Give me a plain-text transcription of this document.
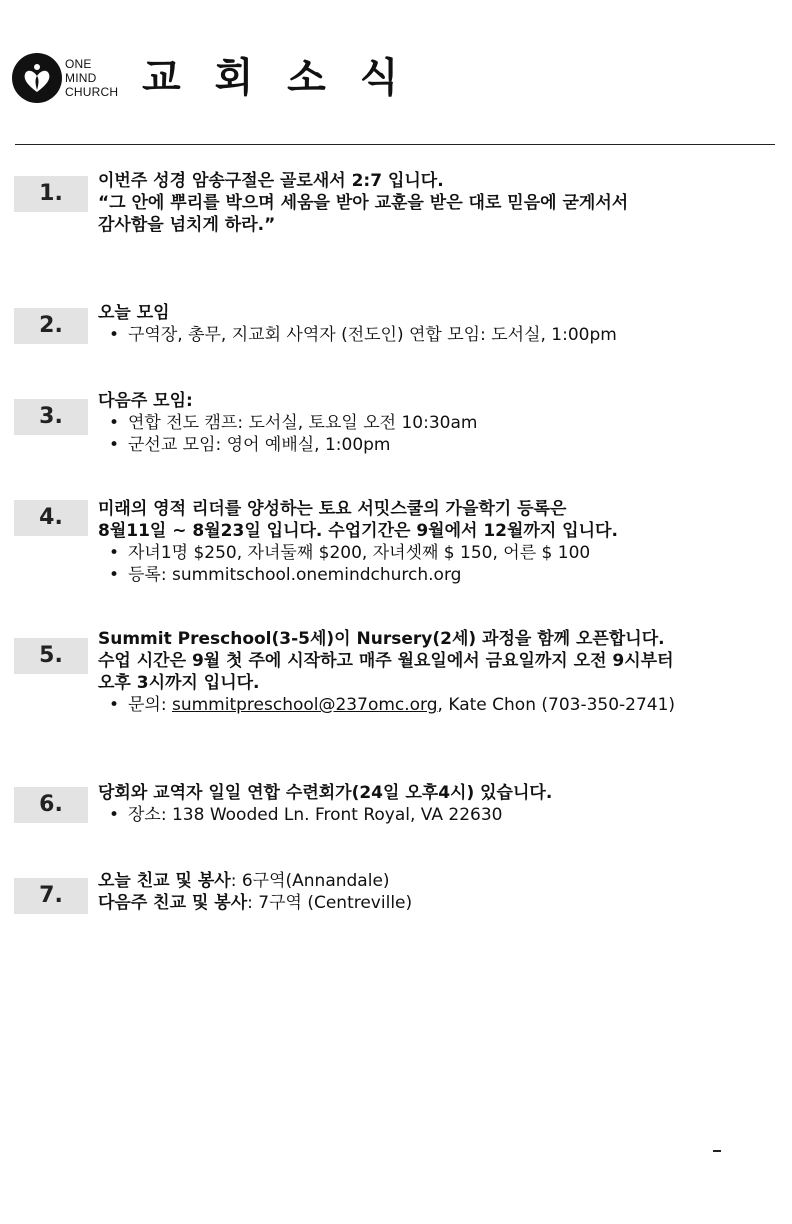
ONE
MIND
CHURCH 교 회 소 식
1.	이번주 성경 암송구절은 골로새서 2:7 입니다.
“그 안에 뿌리를 박으며 세움을 받아 교훈을 받은 대로 믿음에 굳게서서
감사함을 넘치게 하라.”
2.	오늘 모임
• 구역장, 총무, 지교회 사역자 (전도인) 연합 모임: 도서실, 1:00pm
3.
다음주 모임:
• 연합 전도 캠프: 도서실, 토요일 오전 10:30am
• 군선교 모임: 영어 예배실, 1:00pm
4.	미래의 영적 리더를 양성하는 토요 서밋스쿨의 가을학기 등록은
8월11일 ~ 8월23일 입니다. 수업기간은 9월에서 12월까지 입니다.
• 자녀1명 $250, 자녀둘째 $200, 자녀셋째 $ 150, 어른 $ 100
• 등록: summitschool.onemindchurch.org
5.
Summit Preschool(3-5세)이 Nursery(2세) 과정을 함께 오픈합니다.
수업 시간은 9월 첫 주에 시작하고 매주 월요일에서 금요일까지 오전 9시부터
오후 3시까지 입니다.
• 문의: summitpreschool@237omc.org, Kate Chon (703-350-2741)
6.	당회와 교역자 일일 연합 수련회가(24일 오후4시) 있습니다.
• 장소: 138 Wooded Ln. Front Royal, VA 22630
7.
오늘 친교 및 봉사: 6구역(Annandale)
다음주 친교 및 봉사: 7구역 (Centreville)
